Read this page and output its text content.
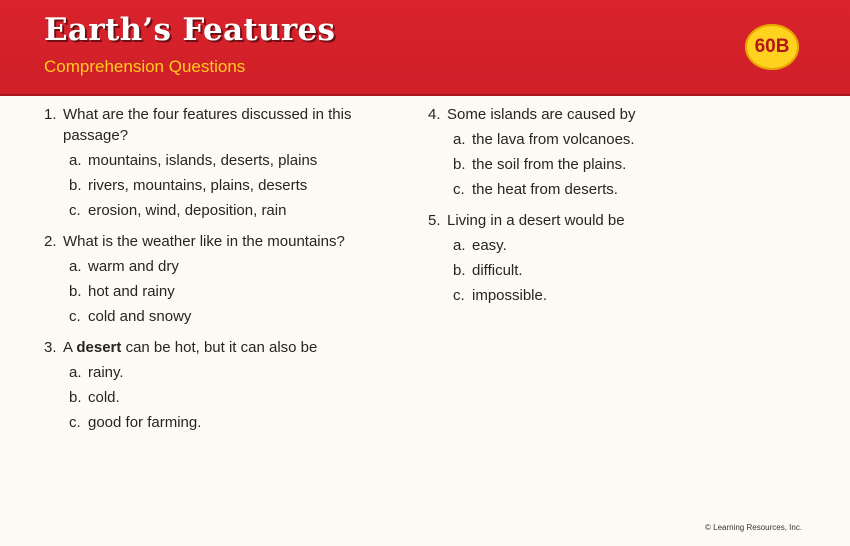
Earth’s Features
Comprehension Questions
60B
1. What are the four features discussed in this passage?
a. mountains, islands, deserts, plains
b. rivers, mountains, plains, deserts
c. erosion, wind, deposition, rain
2. What is the weather like in the mountains?
a. warm and dry
b. hot and rainy
c. cold and snowy
3. A desert can be hot, but it can also be
a. rainy.
b. cold.
c. good for farming.
4. Some islands are caused by
a. the lava from volcanoes.
b. the soil from the plains.
c. the heat from deserts.
5. Living in a desert would be
a. easy.
b. difficult.
c. impossible.
© Learning Resources, Inc.
